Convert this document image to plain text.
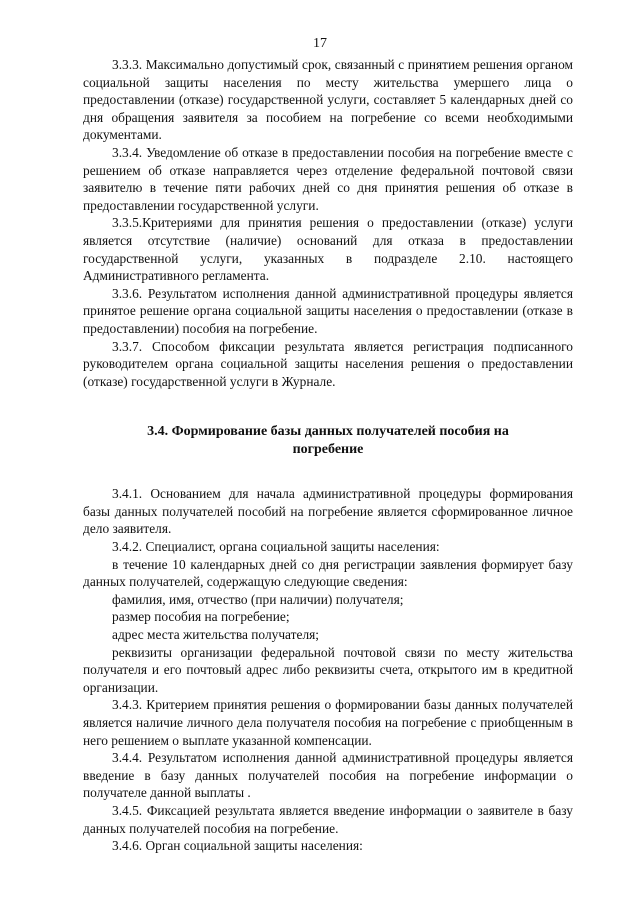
17

3.3.3. Максимально допустимый срок, связанный с принятием решения органом социальной защиты населения по месту жительства умершего лица о предоставлении (отказе) государственной услуги, составляет 5 календарных дней со дня обращения заявителя за пособием на погребение со всеми необходимыми документами.

3.3.4. Уведомление об отказе в предоставлении пособия на погребение вместе с решением об отказе направляется через отделение федеральной почтовой связи заявителю в течение пяти рабочих дней со дня принятия решения об отказе в предоставлении государственной услуги.

3.3.5.Критериями для принятия решения о предоставлении (отказе) услуги является отсутствие (наличие) оснований для отказа в предоставлении государственной услуги, указанных в подразделе 2.10. настоящего Административного регламента.

3.3.6. Результатом исполнения данной административной процедуры является принятое решение органа социальной защиты населения о предоставлении (отказе в предоставлении) пособия на погребение.

3.3.7. Способом фиксации результата является регистрация подписанного руководителем органа социальной защиты населения решения о предоставлении (отказе) государственной услуги в Журнале.

3.4. Формирование базы данных получателей пособия на погребение

3.4.1. Основанием для начала административной процедуры формирования базы данных получателей пособий на погребение является сформированное личное дело заявителя.

3.4.2. Специалист, органа социальной защиты населения:

в течение 10 календарных дней со дня регистрации заявления формирует базу данных получателей, содержащую следующие сведения:

фамилия, имя, отчество (при наличии) получателя;

размер пособия на погребение;

адрес места жительства получателя;

реквизиты организации федеральной почтовой связи по месту жительства получателя и его почтовый адрес либо реквизиты счета, открытого им в кредитной организации.

3.4.3. Критерием принятия решения о формировании базы данных получателей является наличие личного дела получателя пособия на погребение с приобщенным в него решением о выплате указанной компенсации.

3.4.4. Результатом исполнения данной административной процедуры является введение в базу данных получателей пособия на погребение информации о получателе данной выплаты .

3.4.5. Фиксацией результата является введение информации о заявителе в базу данных получателей пособия на погребение.

3.4.6. Орган социальной защиты населения:
